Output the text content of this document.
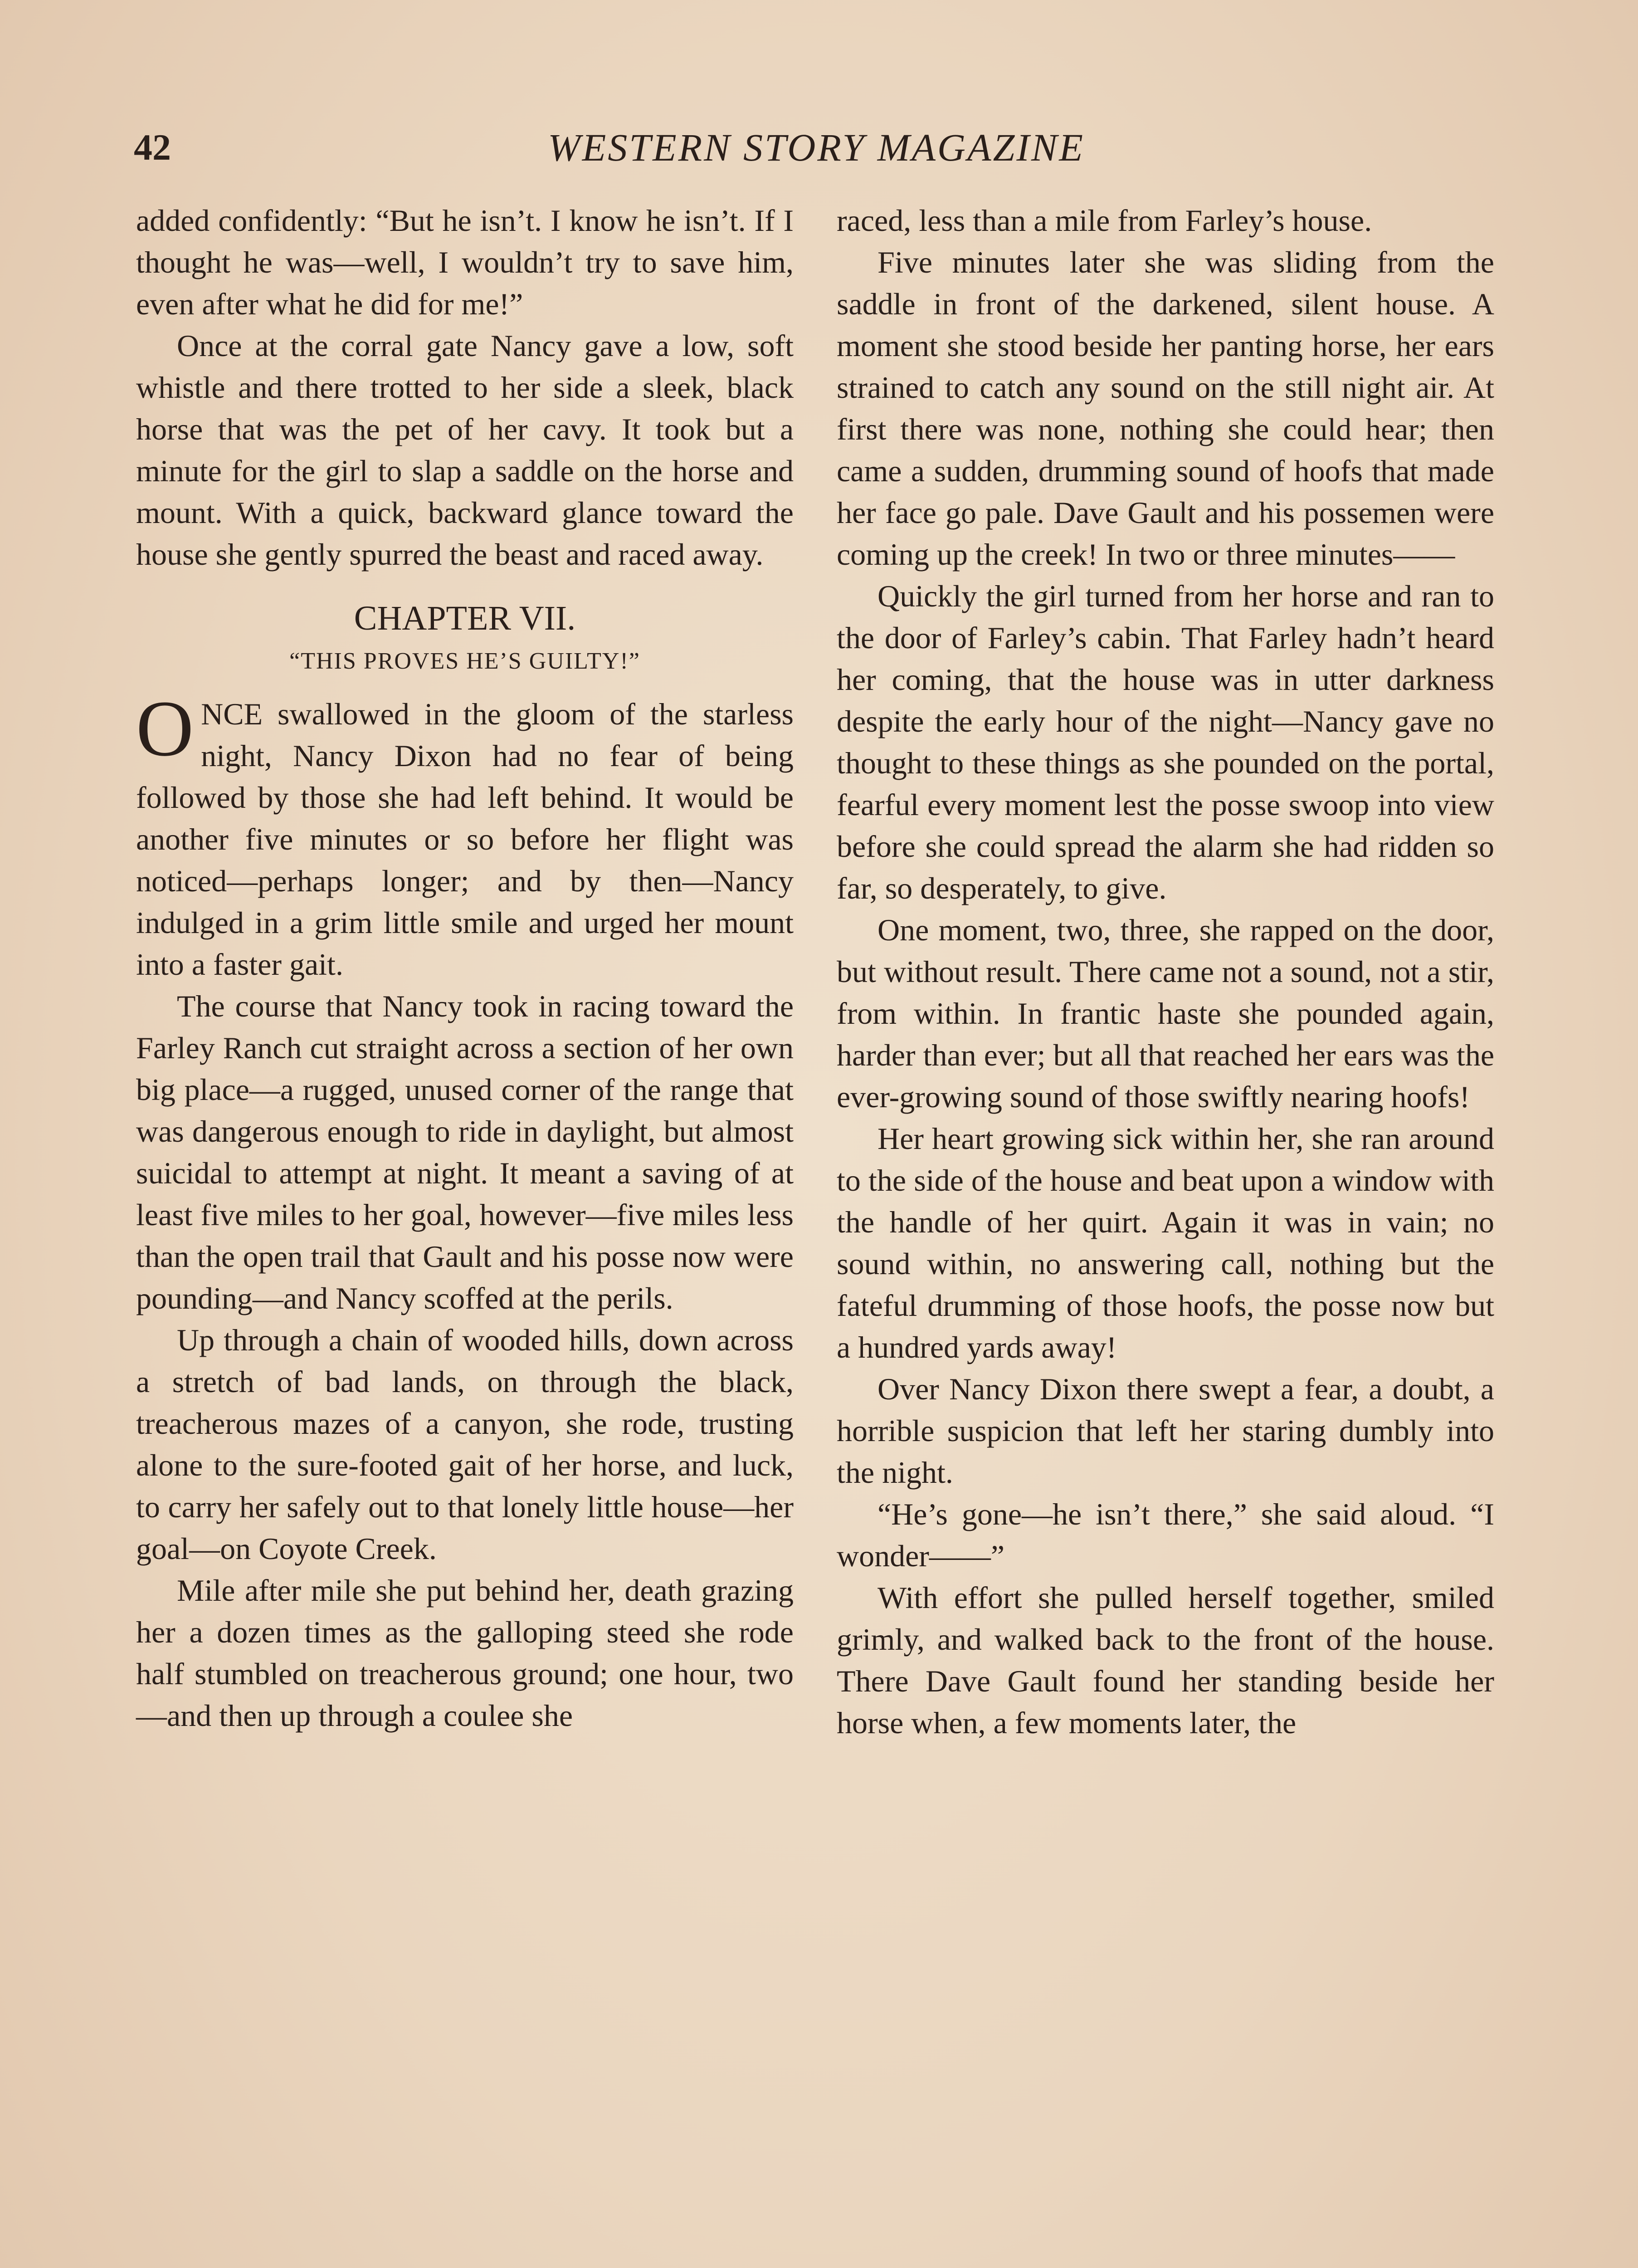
42	WESTERN STORY MAGAZINE

added confidently: “But he isn’t. I know he isn’t. If I thought he was—well, I wouldn’t try to save him, even after what he did for me!”

Once at the corral gate Nancy gave a low, soft whistle and there trotted to her side a sleek, black horse that was the pet of her cavy. It took but a minute for the girl to slap a saddle on the horse and mount. With a quick, backward glance toward the house she gently spurred the beast and raced away.

CHAPTER VII.
“THIS PROVES HE’S GUILTY!”

ONCE swallowed in the gloom of the starless night, Nancy Dixon had no fear of being followed by those she had left behind. It would be another five minutes or so before her flight was noticed—perhaps longer; and by then—Nancy indulged in a grim little smile and urged her mount into a faster gait.

The course that Nancy took in racing toward the Farley Ranch cut straight across a section of her own big place—a rugged, unused corner of the range that was dangerous enough to ride in daylight, but almost suicidal to attempt at night. It meant a saving of at least five miles to her goal, however—five miles less than the open trail that Gault and his posse now were pounding—and Nancy scoffed at the perils.

Up through a chain of wooded hills, down across a stretch of bad lands, on through the black, treacherous mazes of a canyon, she rode, trusting alone to the sure-footed gait of her horse, and luck, to carry her safely out to that lonely little house—her goal—on Coyote Creek.

Mile after mile she put behind her, death grazing her a dozen times as the galloping steed she rode half stumbled on treacherous ground; one hour, two —and then up through a coulee she

raced, less than a mile from Farley’s house.

Five minutes later she was sliding from the saddle in front of the darkened, silent house. A moment she stood beside her panting horse, her ears strained to catch any sound on the still night air. At first there was none, nothing she could hear; then came a sudden, drumming sound of hoofs that made her face go pale. Dave Gault and his possemen were coming up the creek! In two or three minutes——

Quickly the girl turned from her horse and ran to the door of Farley’s cabin. That Farley hadn’t heard her coming, that the house was in utter darkness despite the early hour of the night—Nancy gave no thought to these things as she pounded on the portal, fearful every moment lest the posse swoop into view before she could spread the alarm she had ridden so far, so desperately, to give.

One moment, two, three, she rapped on the door, but without result. There came not a sound, not a stir, from within. In frantic haste she pounded again, harder than ever; but all that reached her ears was the ever-growing sound of those swiftly nearing hoofs!

Her heart growing sick within her, she ran around to the side of the house and beat upon a window with the handle of her quirt. Again it was in vain; no sound within, no answering call, nothing but the fateful drumming of those hoofs, the posse now but a hundred yards away!

Over Nancy Dixon there swept a fear, a doubt, a horrible suspicion that left her staring dumbly into the night.

“He’s gone—he isn’t there,” she said aloud. “I wonder——”

With effort she pulled herself together, smiled grimly, and walked back to the front of the house. There Dave Gault found her standing beside her horse when, a few moments later, the
